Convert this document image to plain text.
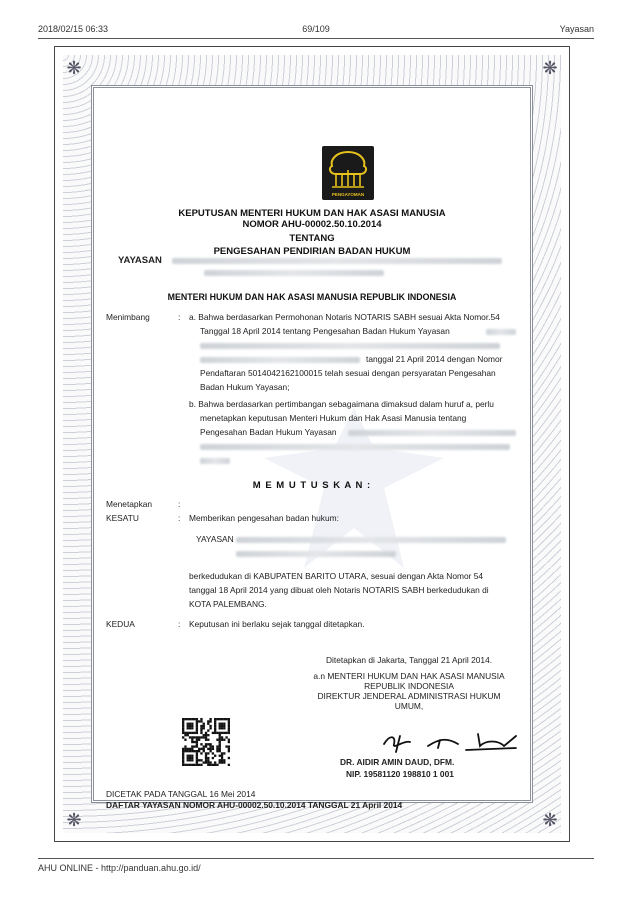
2018/02/15 06:33	69/109	Yayasan
❋	❋
❋	❋
PENGAYOMAN
KEPUTUSAN MENTERI HUKUM DAN HAK ASASI MANUSIA
NOMOR AHU-00002.50.10.2014
TENTANG
PENGESAHAN PENDIRIAN BADAN HUKUM
YAYASAN
MENTERI HUKUM DAN HAK ASASI MANUSIA REPUBLIK INDONESIA
Menimbang	: a. Bahwa berdasarkan Permohonan Notaris NOTARIS SABH sesuai Akta Nomor.54
Tanggal 18 April 2014 tentang Pengesahan Badan Hukum Yayasan
tanggal 21 April 2014 dengan Nomor
Pendaftaran 5014042162100015 telah sesuai dengan persyaratan Pengesahan
Badan Hukum Yayasan;
b. Bahwa berdasarkan pertimbangan sebagaimana dimaksud dalam huruf a, perlu
menetapkan keputusan Menteri Hukum dan Hak Asasi Manusia tentang
Pengesahan Badan Hukum Yayasan
M E M U T U S K A N :
Menetapkan	:
KESATU	: Memberikan pengesahan badan hukum:
YAYASAN
berkedudukan di KABUPATEN BARITO UTARA, sesuai dengan Akta Nomor 54
tanggal 18 April 2014 yang dibuat oleh Notaris NOTARIS SABH berkedudukan di
KOTA PALEMBANG.
KEDUA	: Keputusan ini berlaku sejak tanggal ditetapkan.
Ditetapkan di Jakarta, Tanggal 21 April 2014.
a.n MENTERI HUKUM DAN HAK ASASI MANUSIA
REPUBLIK INDONESIA
DIREKTUR JENDERAL ADMINISTRASI HUKUM UMUM,
DR. AIDIR AMIN DAUD, DFM.
NIP. 19581120 198810 1 001
DICETAK PADA TANGGAL 16 Mei 2014
DAFTAR YAYASAN NOMOR AHU-00002.50.10.2014 TANGGAL 21 April 2014
AHU ONLINE - http://panduan.ahu.go.id/
